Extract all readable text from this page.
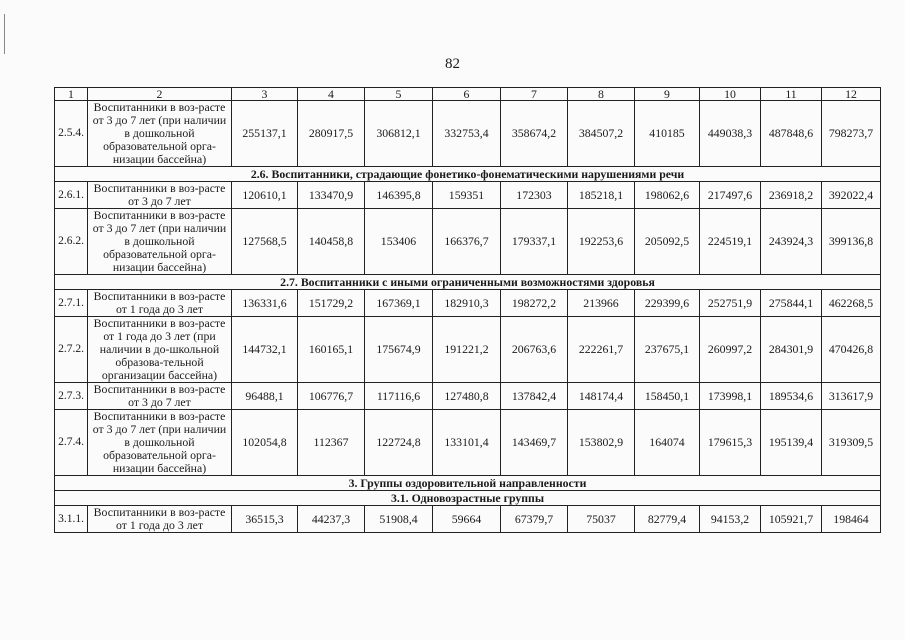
82
1	2	3	4	5	6	7	8	9	10	11	12
2.5.4.	Воспитанники в воз-расте от 3 до 7 лет (при наличии в дошкольной образовательной орга-низации бассейна)	255137,1	280917,5	306812,1	332753,4	358674,2	384507,2	410185	449038,3	487848,6	798273,7
2.6. Воспитанники, страдающие фонетико-фонематическими нарушениями речи											
2.6.1.	Воспитанники в воз-расте от 3 до 7 лет	120610,1	133470,9	146395,8	159351	172303	185218,1	198062,6	217497,6	236918,2	392022,4
2.6.2.	Воспитанники в воз-расте от 3 до 7 лет (при наличии в дошкольной образовательной орга-низации бассейна)	127568,5	140458,8	153406	166376,7	179337,1	192253,6	205092,5	224519,1	243924,3	399136,8
2.7. Воспитанники с иными ограниченными возможностями здоровья											
2.7.1.	Воспитанники в воз-расте от 1 года до 3 лет	136331,6	151729,2	167369,1	182910,3	198272,2	213966	229399,6	252751,9	275844,1	462268,5
2.7.2.	Воспитанники в воз-расте от 1 года до 3 лет (при наличии в до-школьной образова-тельной организации бассейна)	144732,1	160165,1	175674,9	191221,2	206763,6	222261,7	237675,1	260997,2	284301,9	470426,8
2.7.3.	Воспитанники в воз-расте от 3 до 7 лет	96488,1	106776,7	117116,6	127480,8	137842,4	148174,4	158450,1	173998,1	189534,6	313617,9
2.7.4.	Воспитанники в воз-расте от 3 до 7 лет (при наличии в дошкольной образовательной орга-низации бассейна)	102054,8	112367	122724,8	133101,4	143469,7	153802,9	164074	179615,3	195139,4	319309,5
3. Группы оздоровительной направленности											
3.1. Одновозрастные группы											
3.1.1.	Воспитанники в воз-расте от 1 года до 3 лет	36515,3	44237,3	51908,4	59664	67379,7	75037	82779,4	94153,2	105921,7	198464
